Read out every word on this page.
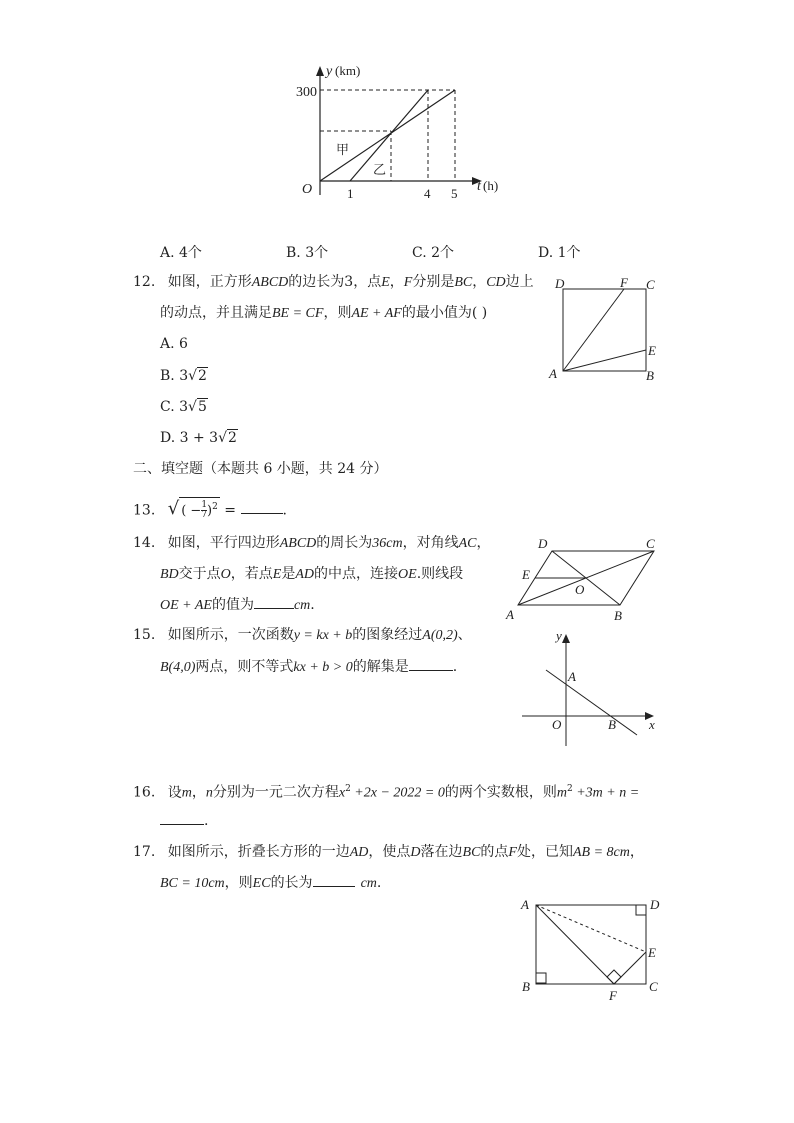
y (km)
300
O	1	4 5 t (h)
甲
乙
A. 4个	B. 3个	C. 2个	D. 1个
12. 如图，正方形ABCD的边长为3，点E，F分别是BC，CD边上
的动点，并且满足BE = CF，则AE + AF的最小值为( )
A. 6
B. 3√2
C. 3√5
D. 3 + 3√2
D	F C
E
A	B
二、填空题（本题共 6 小题，共 24 分）
13. √ ( − $\frac{1}{7} )^2$ =	.
14. 如图，平行四边形ABCD的周长为36cm，对角线AC，
BD交于点O，若点E是AD的中点，连接OE.则线段
OE + AE的值为	cm.
D	C
E
O
A	B
15. 如图所示，一次函数y = kx + b的图象经过A(0,2)、
B(4,0)两点，则不等式kx + b > 0的解集是	.
y
A
O	B	x
16. 设m，n分别为一元二次方程$x^2 +2x - 2022 = 0$的两个实数根，则$m^2 +3m + n$ =
.
17. 如图所示，折叠长方形的一边AD，使点D落在边BC的点F处，已知AB = 8cm，
BC = 10cm，则EC的长为	cm.
A	D
E
B
F
C
